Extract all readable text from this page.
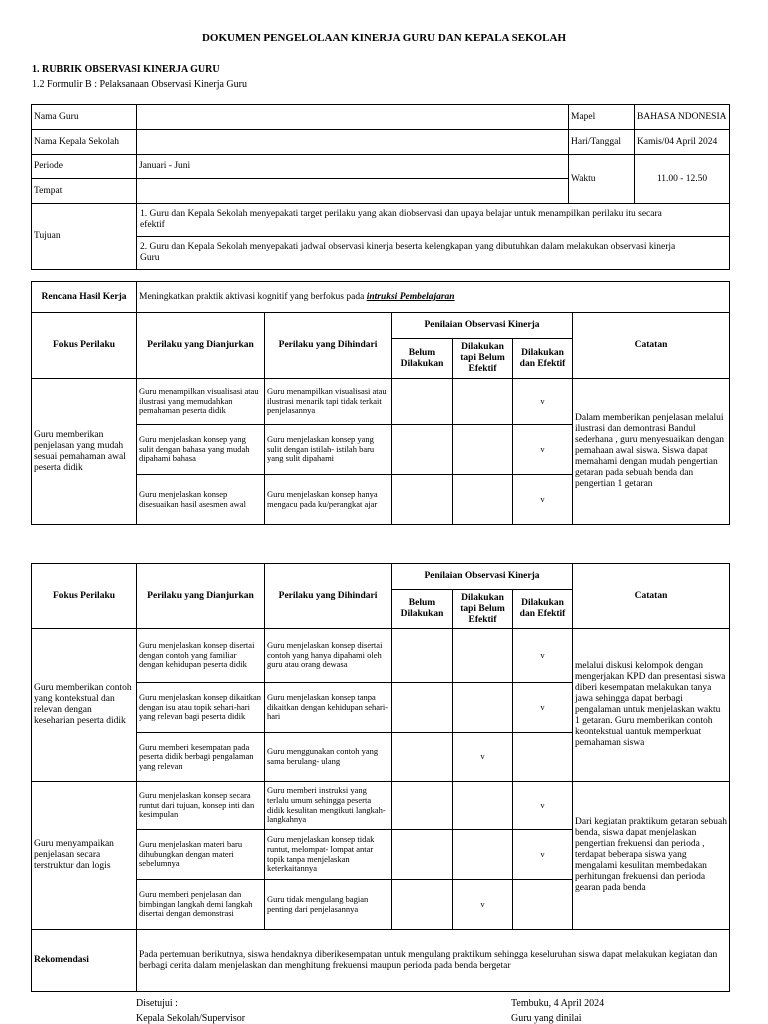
DOKUMEN PENGELOLAAN KINERJA GURU DAN KEPALA SEKOLAH
1. RUBRIK OBSERVASI KINERJA GURU
1.2 Formulir B : Pelaksanaan Observasi Kinerja Guru
Nama Guru		Mapel	BAHASA NDONESIA
Nama Kepala Sekolah		Hari/Tanggal	Kamis/04 April 2024
Periode	Januari - Juni	Waktu	11.00 - 12.50
Tempat			
Tujuan	1. Guru dan Kepala Sekolah menyepakati target perilaku yang akan diobservasi dan upaya belajar untuk menampilkan perilaku itu secara efektif		
	2. Guru dan Kepala Sekolah menyepakati jadwal observasi kinerja beserta kelengkapan yang dibutuhkan dalam melakukan observasi kinerja Guru		
Rencana Hasil Kerja	Meningkatkan praktik aktivasi kognitif yang berfokus pada intruksi Pembelajaran					
Fokus Perilaku	Perilaku yang Dianjurkan	Perilaku yang Dihindari	Penilaian Observasi Kinerja			Catatan
			Belum Dilakukan	Dilakukan tapi Belum Efektif	Dilakukan dan Efektif	
Guru memberikan penjelasan yang mudah sesuai pemahaman awal peserta didik	Guru menampilkan visualisasi atau ilustrasi yang memudahkan pemahaman peserta didik	Guru menampilkan visualisasi atau ilustrasi menarik tapi tidak terkait penjelasannya			v	Dalam memberikan penjelasan melalui ilustrasi dan demontrasi Bandul sederhana , guru menyesuaikan dengan pemahaan awal siswa. Siswa dapat memahami dengan mudah pengertian getaran pada sebuah benda dan pengertian 1 getaran
	Guru menjelaskan konsep yang sulit dengan bahasa yang mudah dipahami bahasa	Guru menjelaskan konsep yang sulit dengan istilah- istilah baru yang sulit dipahami			v	
	Guru menjelaskan konsep disesuaikan hasil asesmen awal	Guru menjelaskan konsep hanya mengacu pada ku/perangkat ajar			v	
Fokus Perilaku	Perilaku yang Dianjurkan	Perilaku yang Dihindari	Penilaian Observasi Kinerja			Catatan
			Belum Dilakukan	Dilakukan tapi Belum Efektif	Dilakukan dan Efektif	
Guru memberikan contoh yang kontekstual dan relevan dengan keseharian peserta didik	Guru menjelaskan konsep disertai dengan contoh yang familiar dengan kehidupan peserta didik	Guru menjelaskan konsep disertai contoh yang hanya dipahami oleh guru atau orang dewasa			v	melalui diskusi kelompok dengan mengerjakan KPD dan presentasi siswa diberi kesempatan melakukan tanya jawa sehingga dapat berbagi pengalaman untuk menjelaskan waktu 1 getaran. Guru memberikan contoh keontekstual uantuk memperkuat pemahaman siswa
	Guru menjelaskan konsep dikaitkan dengan isu atau topik sehari-hari yang relevan bagi peserta didik	Guru menjelaskan konsep tanpa dikaitkan dengan kehidupan sehari-hari			v	
	Guru memberi kesempatan pada peserta didik berbagi pengalaman yang relevan	Guru menggunakan contoh yang sama berulang- ulang		v		
Guru menyampaikan penjelasan secara terstruktur dan logis	Guru menjelaskan konsep secara runtut dari tujuan, konsep inti dan kesimpulan	Guru memberi instruksi yang terlalu umum sehingga peserta didik kesulitan mengikuti langkah- langkahnya			v	Dari kegiatan praktikum getaran sebuah benda, siswa dapat menjelaskan pengertian frekuensi dan perioda , terdapat beberapa siswa yang mengalami kesulitan membedakan perhitungan frekuensi dan perioda gearan pada benda
	Guru menjelaskan materi baru dihubungkan dengan materi sebelumnya	Guru menjelaskan konsep tidak runtut, melompat- lompat antar topik tanpa menjelaskan keterkaitannya			v	
	Guru memberi penjelasan dan bimbingan langkah demi langkah disertai dengan demonstrasi	Guru tidak mengulang bagian penting dari penjelasannya		v		
Rekomendasi	Pada pertemuan berikutnya, siswa hendaknya diberikesempatan untuk mengulang praktikum sehingga keseluruhan siswa dapat melakukan kegiatan dan berbagi cerita dalam menjelaskan dan menghitung frekuensi maupun perioda pada benda bergetar					
Disetujui :
Kepala Sekolah/Supervisor
Tembuku, 4 April 2024
Guru yang dinilai
